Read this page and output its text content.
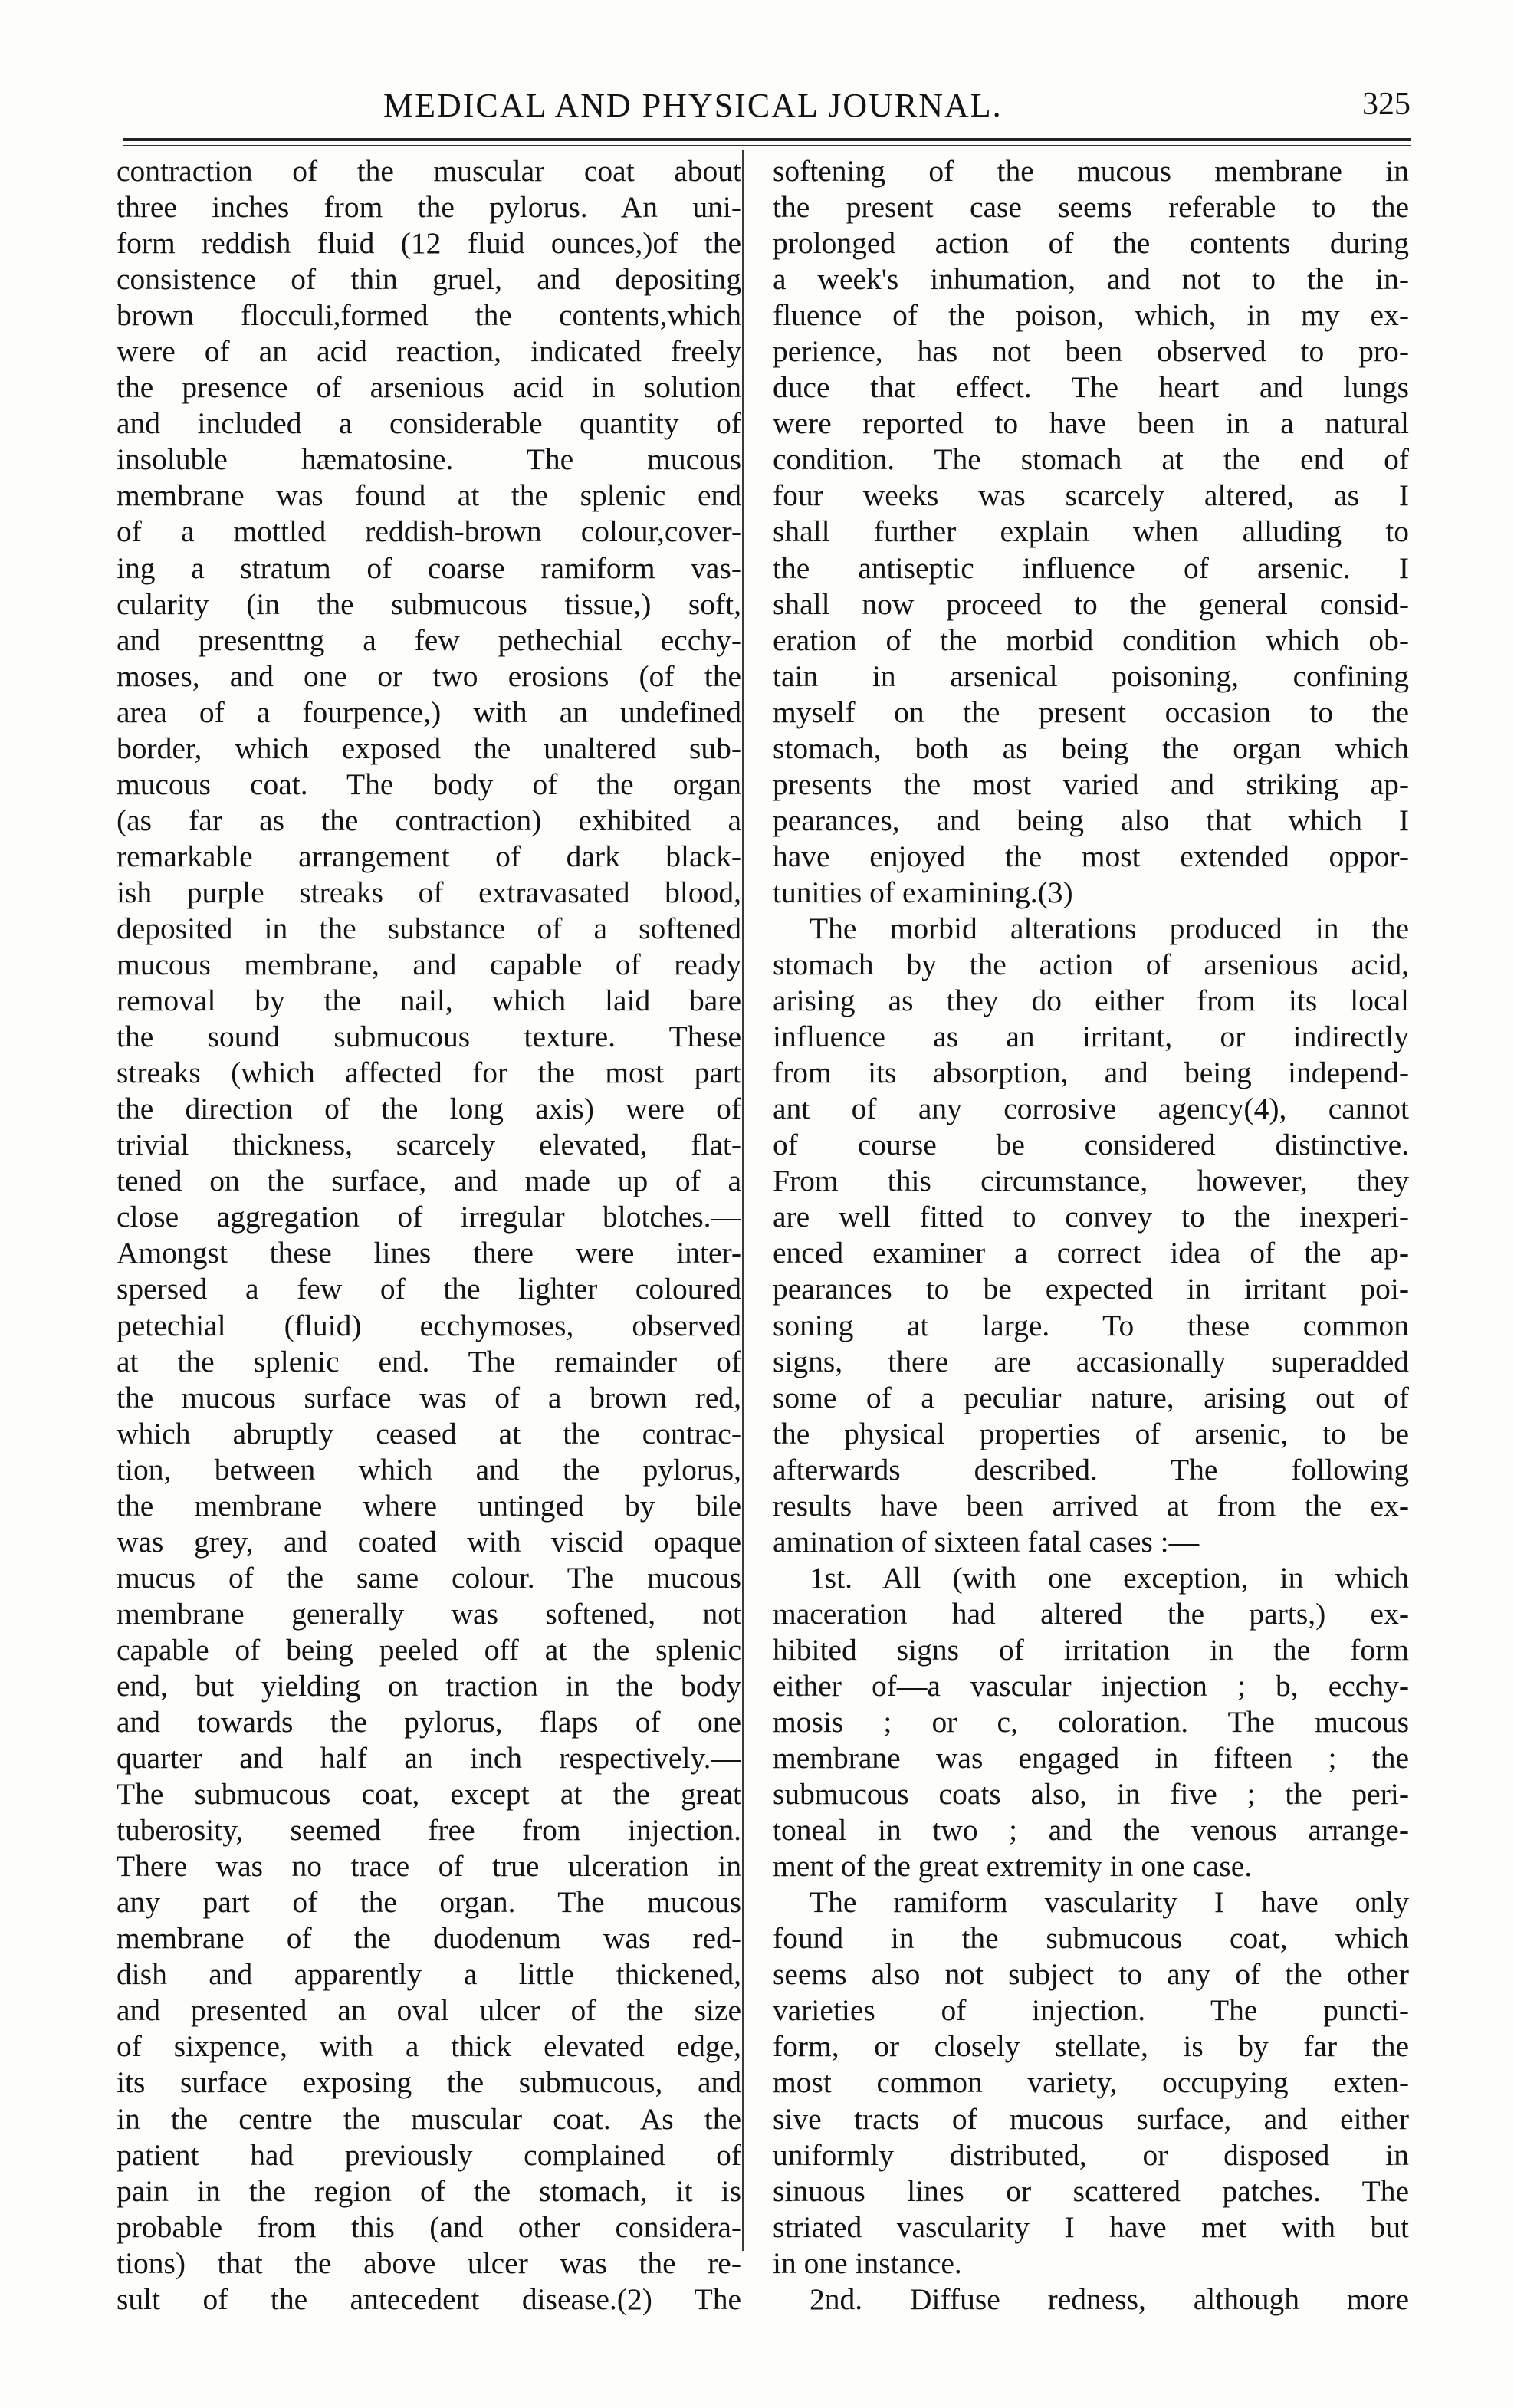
MEDICAL AND PHYSICAL JOURNAL.	325
contraction of the muscular coat about
three inches from the pylorus. An uni-
form reddish fluid (12 fluid ounces,)of the
consistence of thin gruel, and depositing
brown flocculi,formed the contents,which
were of an acid reaction, indicated freely
the presence of arsenious acid in solution
and included a considerable quantity of
insoluble hæmatosine. The mucous
membrane was found at the splenic end
of a mottled reddish-brown colour,cover-
ing a stratum of coarse ramiform vas-
cularity (in the submucous tissue,) soft,
and presenttng a few pethechial ecchy-
moses, and one or two erosions (of the
area of a fourpence,) with an undefined
border, which exposed the unaltered sub-
mucous coat. The body of the organ
(as far as the contraction) exhibited a
remarkable arrangement of dark black-
ish purple streaks of extravasated blood,
deposited in the substance of a softened
mucous membrane, and capable of ready
removal by the nail, which laid bare
the sound submucous texture. These
streaks (which affected for the most part
the direction of the long axis) were of
trivial thickness, scarcely elevated, flat-
tened on the surface, and made up of a
close aggregation of irregular blotches.—
Amongst these lines there were inter-
spersed a few of the lighter coloured
petechial (fluid) ecchymoses, observed
at the splenic end. The remainder of
the mucous surface was of a brown red,
which abruptly ceased at the contrac-
tion, between which and the pylorus,
the membrane where untinged by bile
was grey, and coated with viscid opaque
mucus of the same colour. The mucous
membrane generally was softened, not
capable of being peeled off at the splenic
end, but yielding on traction in the body
and towards the pylorus, flaps of one
quarter and half an inch respectively.—
The submucous coat, except at the great
tuberosity, seemed free from injection.
There was no trace of true ulceration in
any part of the organ. The mucous
membrane of the duodenum was red-
dish and apparently a little thickened,
and presented an oval ulcer of the size
of sixpence, with a thick elevated edge,
its surface exposing the submucous, and
in the centre the muscular coat. As the
patient had previously complained of
pain in the region of the stomach, it is
probable from this (and other considera-
tions) that the above ulcer was the re-
sult of the antecedent disease.(2) The
softening of the mucous membrane in
the present case seems referable to the
prolonged action of the contents during
a week's inhumation, and not to the in-
fluence of the poison, which, in my ex-
perience, has not been observed to pro-
duce that effect. The heart and lungs
were reported to have been in a natural
condition. The stomach at the end of
four weeks was scarcely altered, as I
shall further explain when alluding to
the antiseptic influence of arsenic. I
shall now proceed to the general consid-
eration of the morbid condition which ob-
tain in arsenical poisoning, confining
myself on the present occasion to the
stomach, both as being the organ which
presents the most varied and striking ap-
pearances, and being also that which I
have enjoyed the most extended oppor-
tunities of examining.(3)
The morbid alterations produced in the
stomach by the action of arsenious acid,
arising as they do either from its local
influence as an irritant, or indirectly
from its absorption, and being independ-
ant of any corrosive agency(4), cannot
of course be considered distinctive.
From this circumstance, however, they
are well fitted to convey to the inexperi-
enced examiner a correct idea of the ap-
pearances to be expected in irritant poi-
soning at large. To these common
signs, there are accasionally superadded
some of a peculiar nature, arising out of
the physical properties of arsenic, to be
afterwards described. The following
results have been arrived at from the ex-
amination of sixteen fatal cases :—
1st. All (with one exception, in which
maceration had altered the parts,) ex-
hibited signs of irritation in the form
either of—a vascular injection ; b, ecchy-
mosis ; or c, coloration. The mucous
membrane was engaged in fifteen ; the
submucous coats also, in five ; the peri-
toneal in two ; and the venous arrange-
ment of the great extremity in one case.
The ramiform vascularity I have only
found in the submucous coat, which
seems also not subject to any of the other
varieties of injection. The puncti-
form, or closely stellate, is by far the
most common variety, occupying exten-
sive tracts of mucous surface, and either
uniformly distributed, or disposed in
sinuous lines or scattered patches. The
striated vascularity I have met with but
in one instance.
2nd. Diffuse redness, although more
